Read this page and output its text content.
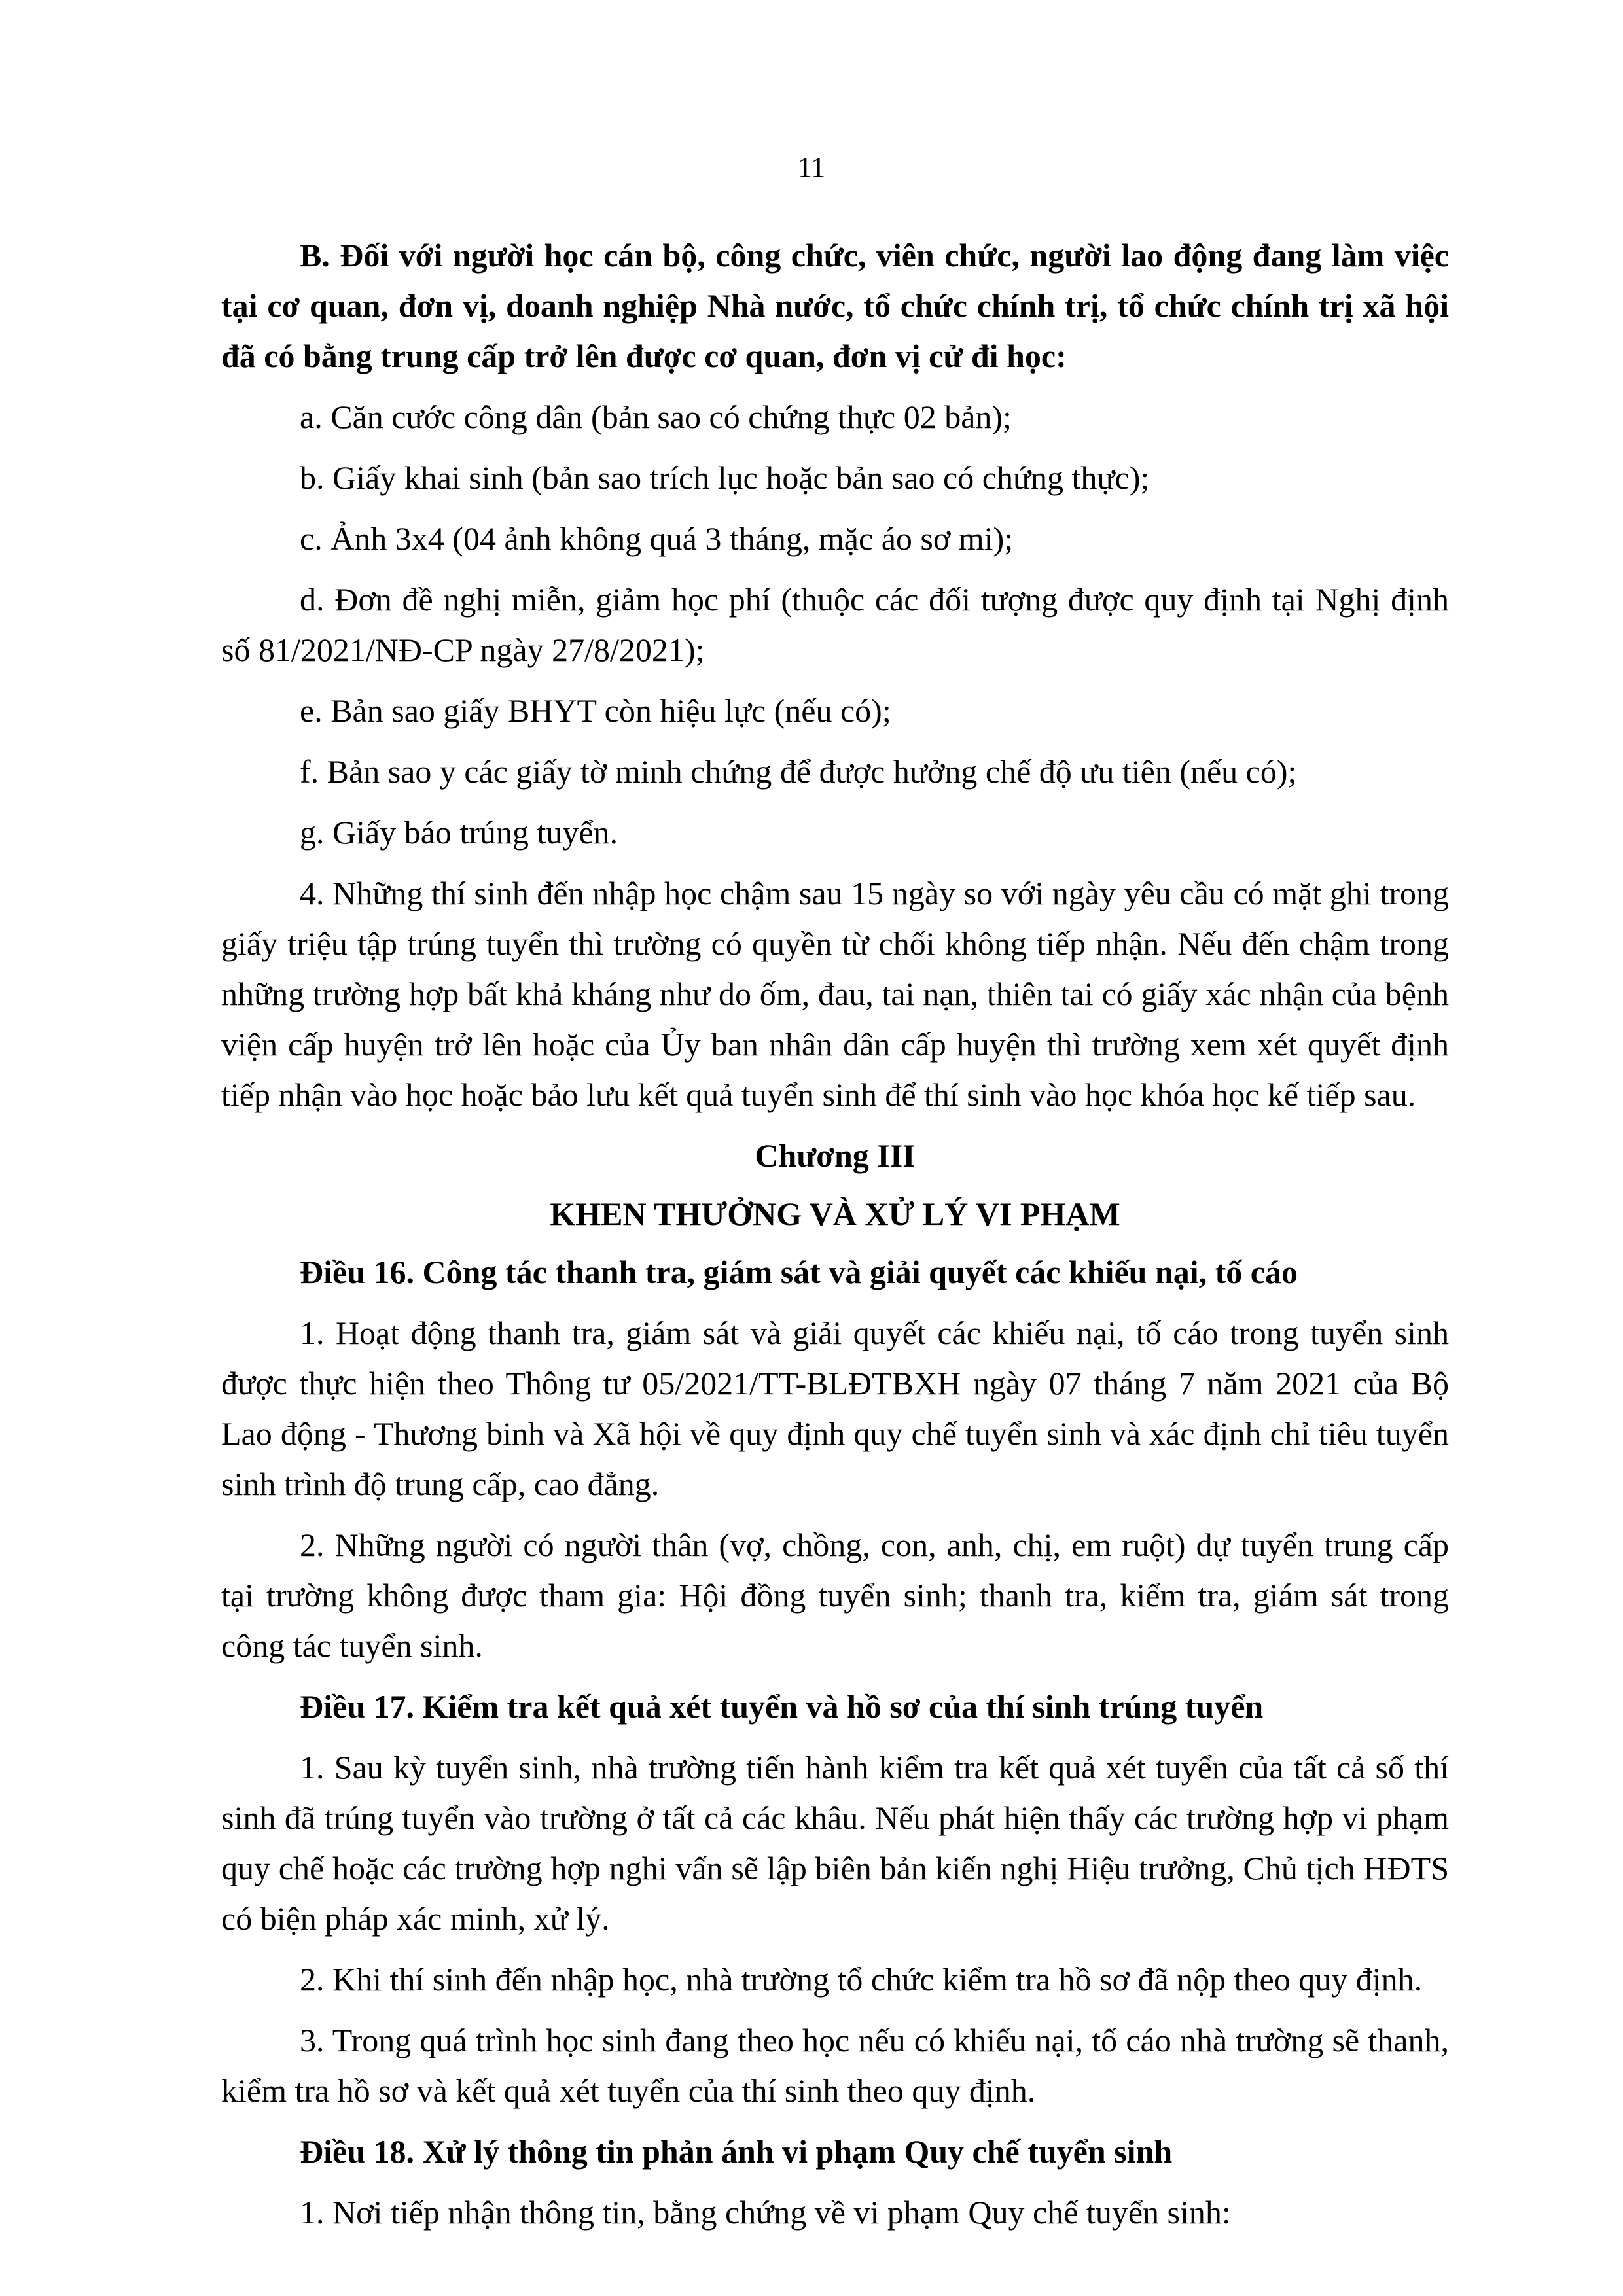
11

B. Đối với người học cán bộ, công chức, viên chức, người lao động đang làm việc tại cơ quan, đơn vị, doanh nghiệp Nhà nước, tổ chức chính trị, tổ chức chính trị xã hội đã có bằng trung cấp trở lên được cơ quan, đơn vị cử đi học:

a. Căn cước công dân (bản sao có chứng thực 02 bản);

b. Giấy khai sinh (bản sao trích lục hoặc bản sao có chứng thực);

c. Ảnh 3x4 (04 ảnh không quá 3 tháng, mặc áo sơ mi);

d. Đơn đề nghị miễn, giảm học phí (thuộc các đối tượng được quy định tại Nghị định số 81/2021/NĐ-CP ngày 27/8/2021);

e. Bản sao giấy BHYT còn hiệu lực (nếu có);

f. Bản sao y các giấy tờ minh chứng để được hưởng chế độ ưu tiên (nếu có);

g. Giấy báo trúng tuyển.

4. Những thí sinh đến nhập học chậm sau 15 ngày so với ngày yêu cầu có mặt ghi trong giấy triệu tập trúng tuyển thì trường có quyền từ chối không tiếp nhận. Nếu đến chậm trong những trường hợp bất khả kháng như do ốm, đau, tai nạn, thiên tai có giấy xác nhận của bệnh viện cấp huyện trở lên hoặc của Ủy ban nhân dân cấp huyện thì trường xem xét quyết định tiếp nhận vào học hoặc bảo lưu kết quả tuyển sinh để thí sinh vào học khóa học kế tiếp sau.

Chương III
KHEN THƯỞNG VÀ XỬ LÝ VI PHẠM

Điều 16. Công tác thanh tra, giám sát và giải quyết các khiếu nại, tố cáo

1. Hoạt động thanh tra, giám sát và giải quyết các khiếu nại, tố cáo trong tuyển sinh được thực hiện theo Thông tư 05/2021/TT-BLĐTBXH ngày 07 tháng 7 năm 2021 của Bộ Lao động - Thương binh và Xã hội về quy định quy chế tuyển sinh và xác định chỉ tiêu tuyển sinh trình độ trung cấp, cao đẳng.

2. Những người có người thân (vợ, chồng, con, anh, chị, em ruột) dự tuyển trung cấp tại trường không được tham gia: Hội đồng tuyển sinh; thanh tra, kiểm tra, giám sát trong công tác tuyển sinh.

Điều 17. Kiểm tra kết quả xét tuyển và hồ sơ của thí sinh trúng tuyển

1. Sau kỳ tuyển sinh, nhà trường tiến hành kiểm tra kết quả xét tuyển của tất cả số thí sinh đã trúng tuyển vào trường ở tất cả các khâu. Nếu phát hiện thấy các trường hợp vi phạm quy chế hoặc các trường hợp nghi vấn sẽ lập biên bản kiến nghị Hiệu trưởng, Chủ tịch HĐTS có biện pháp xác minh, xử lý.

2. Khi thí sinh đến nhập học, nhà trường tổ chức kiểm tra hồ sơ đã nộp theo quy định.

3. Trong quá trình học sinh đang theo học nếu có khiếu nại, tố cáo nhà trường sẽ thanh, kiểm tra hồ sơ và kết quả xét tuyển của thí sinh theo quy định.

Điều 18. Xử lý thông tin phản ánh vi phạm Quy chế tuyển sinh

1. Nơi tiếp nhận thông tin, bằng chứng về vi phạm Quy chế tuyển sinh:
